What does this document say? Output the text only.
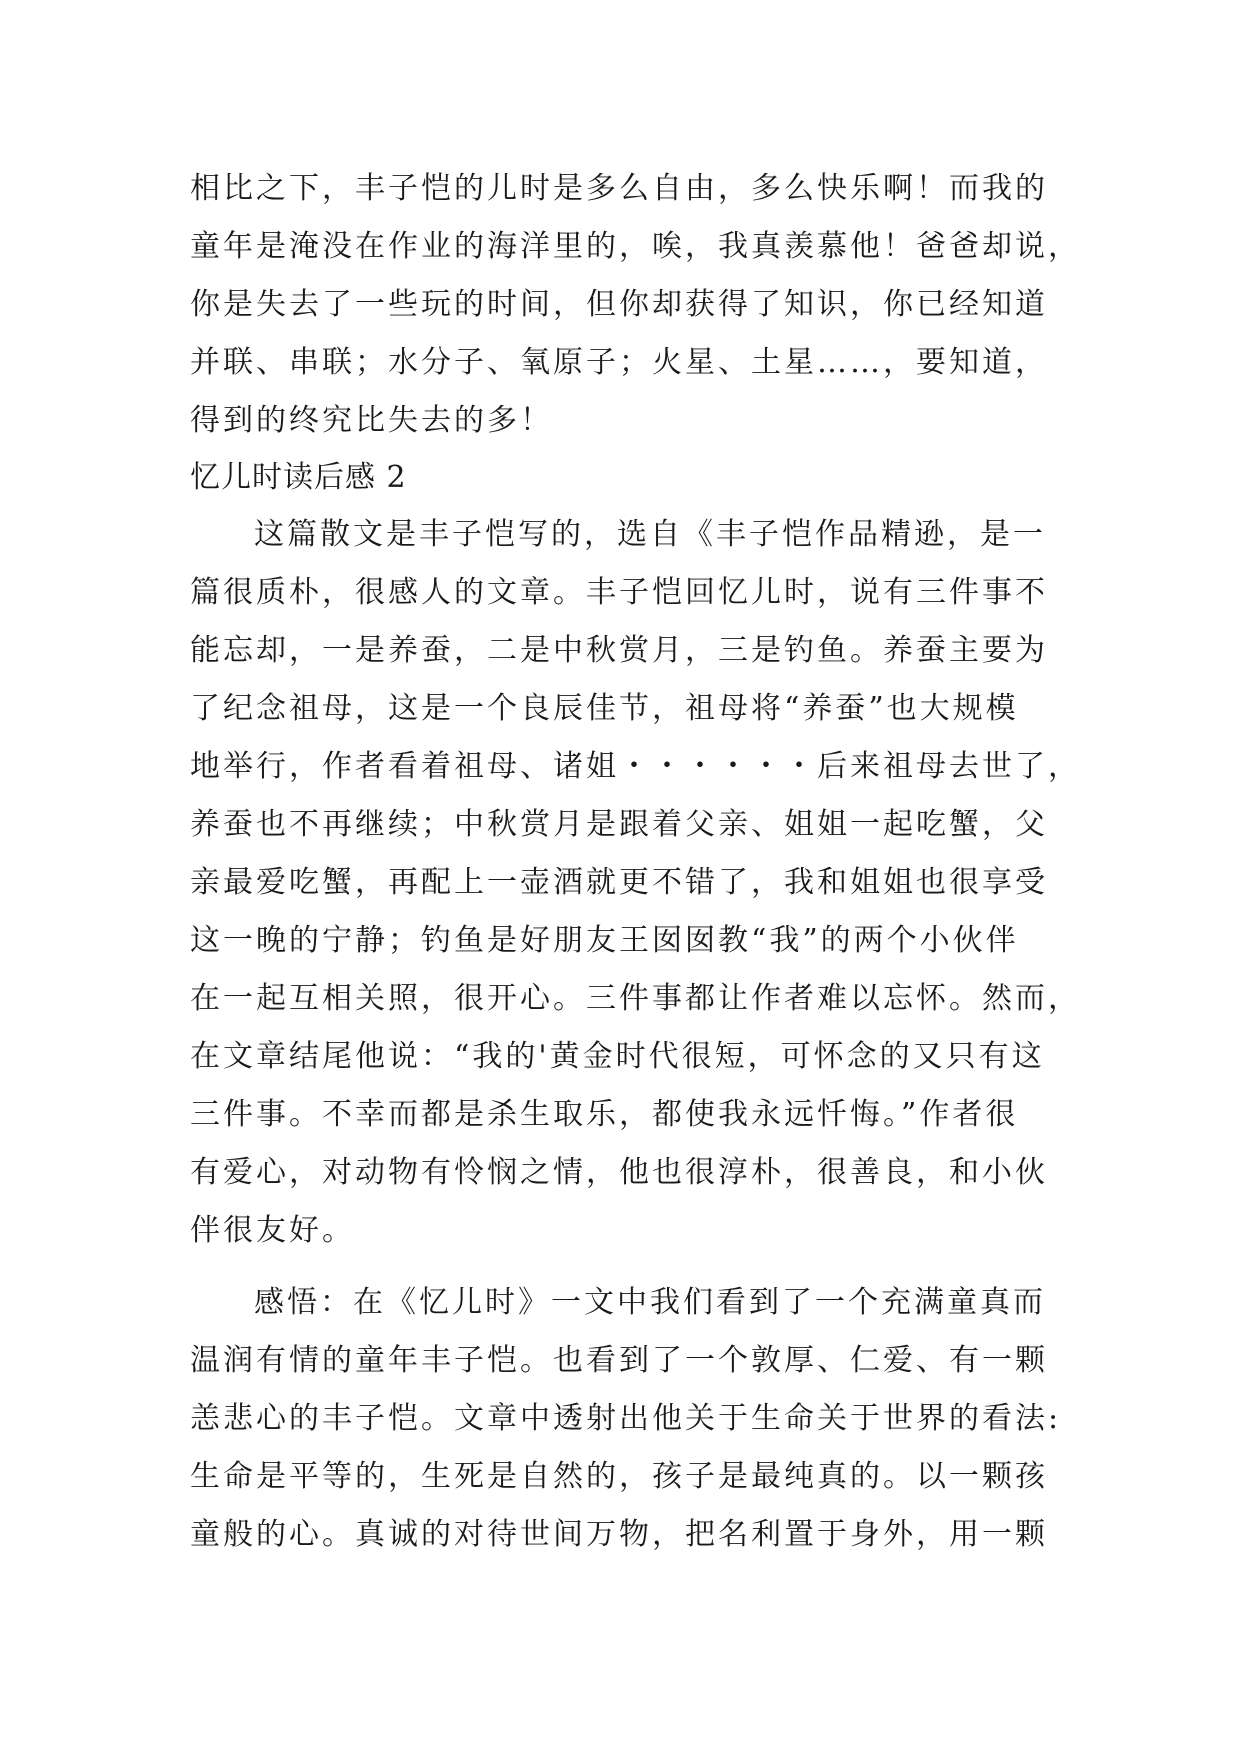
相比之下，丰子恺的儿时是多么自由，多么快乐啊！而我的
童年是淹没在作业的海洋里的，唉，我真羡慕他！爸爸却说，
你是失去了一些玩的时间，但你却获得了知识，你已经知道
并联、串联；水分子、氧原子；火星、土星……，要知道，
得到的终究比失去的多！
忆儿时读后感 2
这篇散文是丰子恺写的，选自《丰子恺作品精逊，是一
篇很质朴，很感人的文章。丰子恺回忆儿时，说有三件事不
能忘却，一是养蚕，二是中秋赏月，三是钓鱼。养蚕主要为
了纪念祖母，这是一个良辰佳节，祖母将“养蚕”也大规模
地举行，作者看着祖母、诸姐・・・・・・后来祖母去世了，
养蚕也不再继续；中秋赏月是跟着父亲、姐姐一起吃蟹，父
亲最爱吃蟹，再配上一壶酒就更不错了，我和姐姐也很享受
这一晚的宁静；钓鱼是好朋友王囡囡教“我”的两个小伙伴
在一起互相关照，很开心。三件事都让作者难以忘怀。然而，
在文章结尾他说：“我的'黄金时代很短，可怀念的又只有这
三件事。不幸而都是杀生取乐，都使我永远忏悔。”作者很
有爱心，对动物有怜悯之情，他也很淳朴，很善良，和小伙
伴很友好。
感悟：在《忆儿时》一文中我们看到了一个充满童真而
温润有情的童年丰子恺。也看到了一个敦厚、仁爱、有一颗
恙悲心的丰子恺。文章中透射出他关于生命关于世界的看法:
生命是平等的，生死是自然的，孩子是最纯真的。以一颗孩
童般的心。真诚的对待世间万物，把名利置于身外，用一颗
